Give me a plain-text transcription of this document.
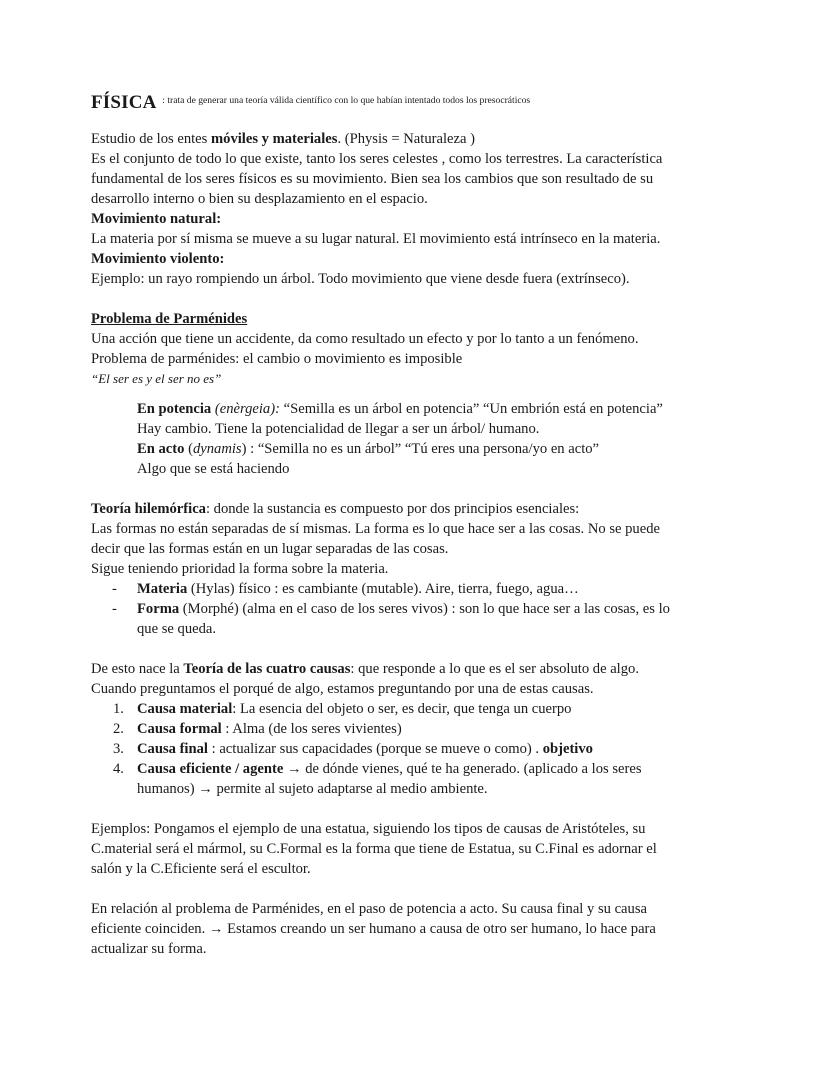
FÍSICA $^{: trata de generar una teoría válida científico con lo que habían intentado todos los presocráticos}$

Estudio de los entes móviles y materiales. (Physis = Naturaleza )

Es el conjunto de todo lo que existe, tanto los seres celestes , como los terrestres. La característica fundamental de los seres físicos es su movimiento. Bien sea los cambios que son resultado de su desarrollo interno o bien su desplazamiento en el espacio.

Movimiento natural:

La materia por sí misma se mueve a su lugar natural. El movimiento está intrínseco en la materia.

Movimiento violento:

Ejemplo: un rayo rompiendo un árbol. Todo movimiento que viene desde fuera (extrínseco).

Problema de Parménides

Una acción que tiene un accidente, da como resultado un efecto y por lo tanto a un fenómeno.

Problema de parménides: el cambio o movimiento es imposible

“El ser es y el ser no es”

En potencia (enèrgeia): “Semilla es un árbol en potencia” “Un embrión está en potencia” Hay cambio. Tiene la potencialidad de llegar a ser un árbol/ humano.

En acto (dynamis) : “Semilla no es un árbol” “Tú eres una persona/yo en acto”

Algo que se está haciendo

Teoría hilemórfica: donde la sustancia es compuesto por dos principios esenciales:

Las formas no están separadas de sí mismas. La forma es lo que hace ser a las cosas. No se puede decir que las formas están en un lugar separadas de las cosas.

Sigue teniendo prioridad la forma sobre la materia.

- Materia (Hylas) físico : es cambiante (mutable). Aire, tierra, fuego, agua…
- Forma (Morphé) (alma en el caso de los seres vivos) : son lo que hace ser a las cosas, es lo que se queda.

De esto nace la Teoría de las cuatro causas: que responde a lo que es el ser absoluto de algo. Cuando preguntamos el porqué de algo, estamos preguntando por una de estas causas.

1. Causa material: La esencia del objeto o ser, es decir, que tenga un cuerpo
2. Causa formal : Alma (de los seres vivientes)
3. Causa final : actualizar sus capacidades (porque se mueve o como) . objetivo
4. Causa eficiente / agente → de dónde vienes, qué te ha generado. (aplicado a los seres humanos) → permite al sujeto adaptarse al medio ambiente.

Ejemplos: Pongamos el ejemplo de una estatua, siguiendo los tipos de causas de Aristóteles, su C.material será el mármol, su C.Formal es la forma que tiene de Estatua, su C.Final es adornar el salón y la C.Eficiente será el escultor.

En relación al problema de Parménides, en el paso de potencia a acto. Su causa final y su causa eficiente coinciden. → Estamos creando un ser humano a causa de otro ser humano, lo hace para actualizar su forma.
